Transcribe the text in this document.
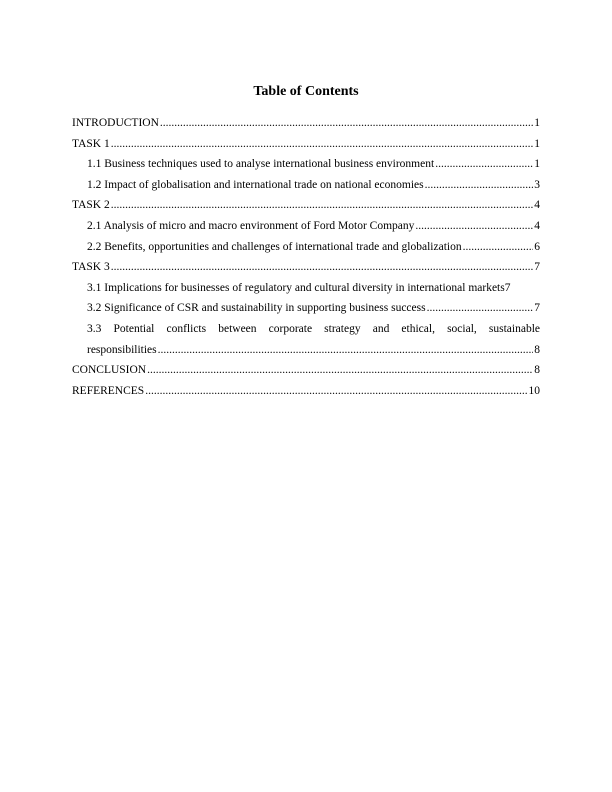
Table of Contents
INTRODUCTION .....	1
TASK 1 .....	1
1.1 Business techniques used to analyse international business environment .....	1
1.2 Impact of globalisation and international trade on national economies .....	3
TASK 2 .....	4
2.1 Analysis of micro and macro environment of Ford Motor Company .....	4
2.2 Benefits, opportunities and challenges of international trade and globalization .....	6
TASK 3 .....	7
3.1 Implications for businesses of regulatory and cultural diversity in international markets 7
3.2 Significance of CSR and sustainability in supporting business success .....	7
3.3 Potential conflicts between corporate strategy and ethical, social, sustainable
responsibilities .....	8
CONCLUSION .....	8
REFERENCES .....	10
